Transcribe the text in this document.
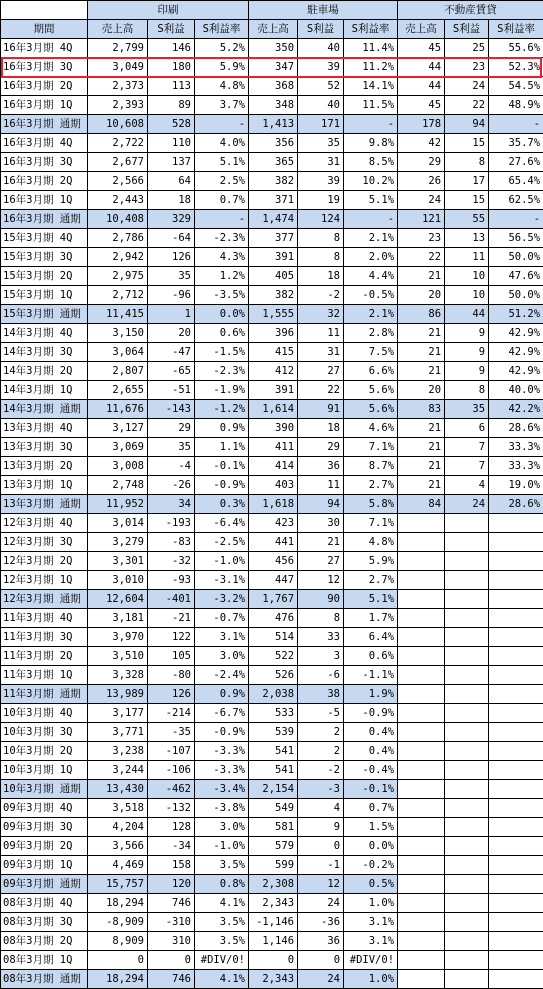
	印刷			駐車場			不動産賃貸		
期間	売上高	S利益	S利益率	売上高	S利益	S利益率	売上高	S利益	S利益率
16年3月期 4Q	2,799	146	5.2%	350	40	11.4%	45	25	55.6%
16年3月期 3Q	3,049	180	5.9%	347	39	11.2%	44	23	52.3%
16年3月期 2Q	2,373	113	4.8%	368	52	14.1%	44	24	54.5%
16年3月期 1Q	2,393	89	3.7%	348	40	11.5%	45	22	48.9%
16年3月期 通期	10,608	528	-	1,413	171	-	178	94	-
16年3月期 4Q	2,722	110	4.0%	356	35	9.8%	42	15	35.7%
16年3月期 3Q	2,677	137	5.1%	365	31	8.5%	29	8	27.6%
16年3月期 2Q	2,566	64	2.5%	382	39	10.2%	26	17	65.4%
16年3月期 1Q	2,443	18	0.7%	371	19	5.1%	24	15	62.5%
16年3月期 通期	10,408	329	-	1,474	124	-	121	55	-
15年3月期 4Q	2,786	-64	-2.3%	377	8	2.1%	23	13	56.5%
15年3月期 3Q	2,942	126	4.3%	391	8	2.0%	22	11	50.0%
15年3月期 2Q	2,975	35	1.2%	405	18	4.4%	21	10	47.6%
15年3月期 1Q	2,712	-96	-3.5%	382	-2	-0.5%	20	10	50.0%
15年3月期 通期	11,415	1	0.0%	1,555	32	2.1%	86	44	51.2%
14年3月期 4Q	3,150	20	0.6%	396	11	2.8%	21	9	42.9%
14年3月期 3Q	3,064	-47	-1.5%	415	31	7.5%	21	9	42.9%
14年3月期 2Q	2,807	-65	-2.3%	412	27	6.6%	21	9	42.9%
14年3月期 1Q	2,655	-51	-1.9%	391	22	5.6%	20	8	40.0%
14年3月期 通期	11,676	-143	-1.2%	1,614	91	5.6%	83	35	42.2%
13年3月期 4Q	3,127	29	0.9%	390	18	4.6%	21	6	28.6%
13年3月期 3Q	3,069	35	1.1%	411	29	7.1%	21	7	33.3%
13年3月期 2Q	3,008	-4	-0.1%	414	36	8.7%	21	7	33.3%
13年3月期 1Q	2,748	-26	-0.9%	403	11	2.7%	21	4	19.0%
13年3月期 通期	11,952	34	0.3%	1,618	94	5.8%	84	24	28.6%
12年3月期 4Q	3,014	-193	-6.4%	423	30	7.1%			
12年3月期 3Q	3,279	-83	-2.5%	441	21	4.8%			
12年3月期 2Q	3,301	-32	-1.0%	456	27	5.9%			
12年3月期 1Q	3,010	-93	-3.1%	447	12	2.7%			
12年3月期 通期	12,604	-401	-3.2%	1,767	90	5.1%			
11年3月期 4Q	3,181	-21	-0.7%	476	8	1.7%			
11年3月期 3Q	3,970	122	3.1%	514	33	6.4%			
11年3月期 2Q	3,510	105	3.0%	522	3	0.6%			
11年3月期 1Q	3,328	-80	-2.4%	526	-6	-1.1%			
11年3月期 通期	13,989	126	0.9%	2,038	38	1.9%			
10年3月期 4Q	3,177	-214	-6.7%	533	-5	-0.9%			
10年3月期 3Q	3,771	-35	-0.9%	539	2	0.4%			
10年3月期 2Q	3,238	-107	-3.3%	541	2	0.4%			
10年3月期 1Q	3,244	-106	-3.3%	541	-2	-0.4%			
10年3月期 通期	13,430	-462	-3.4%	2,154	-3	-0.1%			
09年3月期 4Q	3,518	-132	-3.8%	549	4	0.7%			
09年3月期 3Q	4,204	128	3.0%	581	9	1.5%			
09年3月期 2Q	3,566	-34	-1.0%	579	0	0.0%			
09年3月期 1Q	4,469	158	3.5%	599	-1	-0.2%			
09年3月期 通期	15,757	120	0.8%	2,308	12	0.5%			
08年3月期 4Q	18,294	746	4.1%	2,343	24	1.0%			
08年3月期 3Q	-8,909	-310	3.5%	-1,146	-36	3.1%			
08年3月期 2Q	8,909	310	3.5%	1,146	36	3.1%			
08年3月期 1Q	0	0	#DIV/0!	0	0	#DIV/0!			
08年3月期 通期	18,294	746	4.1%	2,343	24	1.0%			
